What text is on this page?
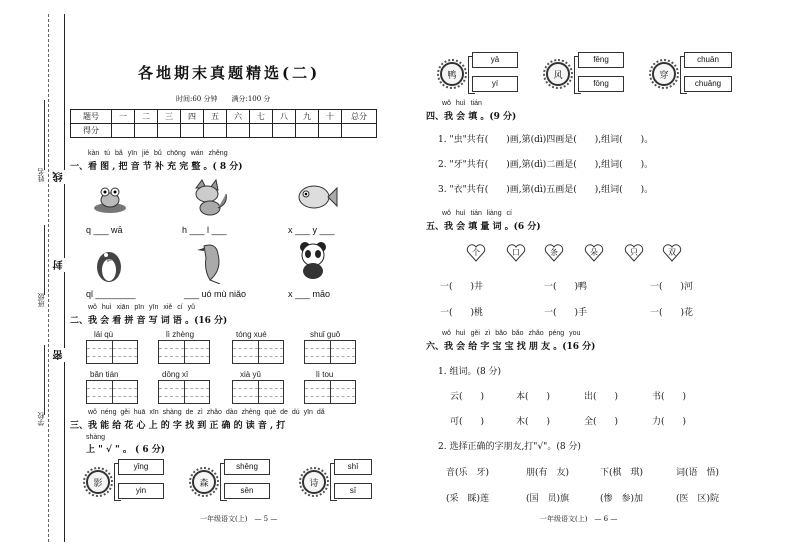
姓名
班级
学校
线
封
密
各地期末真题精选(二)
时间:60 分钟　　满分:100 分
题号	一	二	三	四	五	六	七	八	九	十	总分
得分											
kàn tú bǎ yīn jié bǔ chōng wán zhěng
一、看 图 , 把 音 节 补 充 完 整 。( 8 分)
q ___ wā	h ___ l ___	x ___ y ___
qǐ ________	___ uó mù niǎo	x ___ māo
wǒ huì xiān pīn yīn xiě cí yǔ
二、我 会 看 拼 音 写 词 语 。(16 分)
lái qù	lì zhèng	tóng xué	shuǐ guǒ
bǎn tián	dōng xī	xià yǔ	lì tou
wǒ néng gěi huā xīn shàng de zì zhǎo dào zhèng què de dú yīn dǎ
三、我 能 给 花 心 上 的 字 找 到 正 确 的 读 音 , 打
shàng
上 " √ " 。 ( 6 分)
影
yǐng
yin
森
shēng
sēn
诗
shī
sī
一年级语文(上)　— 5 —
鸭
yā
yí
风
fēng
fōng
穿
chuān
chuāng
wǒ huì tián
四、我 会 填 。(9 分)
1. "虫"共有(　　)画,第(dì)四画是(　　),组词(　　)。
2. "牙"共有(　　)画,第(dì)二画是(　　),组词(　　)。
3. "衣"共有(　　)画,第(dì)五画是(　　),组词(　　)。
wǒ huì tián liàng cí
五、我 会 填 量 词 。(6 分)
个	口	条	朵	只	双
一(　　)井	一(　　)鸭	一(　　)河
一(　　)桃	一(　　)手	一(　　)花
wǒ huì gěi zì bǎo bǎo zhǎo péng you
六、我 会 给 字 宝 宝 找 朋 友 。(16 分)
1. 组词。(8 分)
云(　　)	本(　　)	出(　　)	书(　　)
可(　　)	木(　　)	全(　　)	力(　　)
2. 选择正确的字朋友,打"√"。(8 分)
音(乐　牙)	朋(有　友)	下(棋　琪)	词(语　悟)
(采　睬)莲	(国　员)旗	(惨　参)加	(医　区)院
一年级语文(上)　— 6 —
